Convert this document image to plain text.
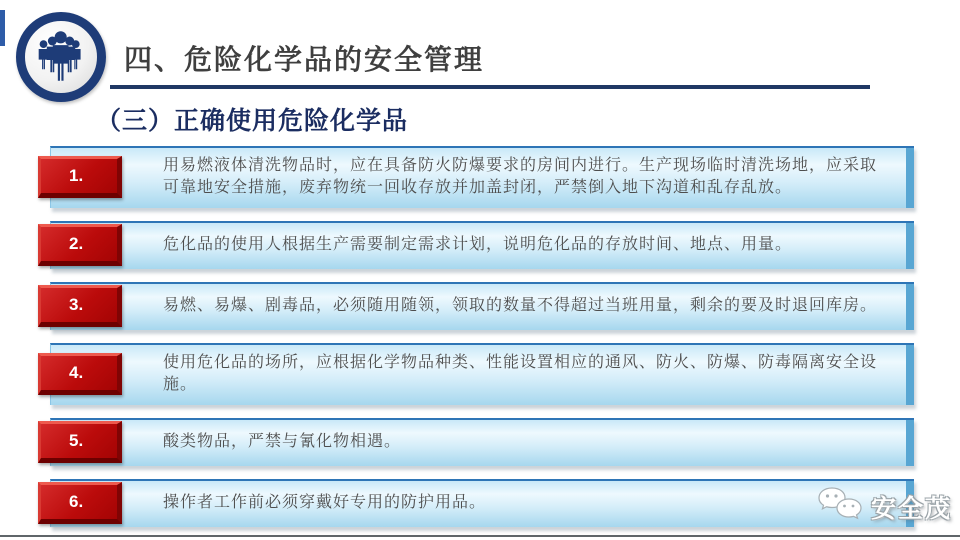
四、危险化学品的安全管理
（三）正确使用危险化学品
用易燃液体清洗物品时，应在具备防火防爆要求的房间内进行。生产现场临时清洗场地，应采取可靠地安全措施，废弃物统一回收存放并加盖封闭，严禁倒入地下沟道和乱存乱放。
1.
危化品的使用人根据生产需要制定需求计划，说明危化品的存放时间、地点、用量。
2.
易燃、易爆、剧毒品，必须随用随领，领取的数量不得超过当班用量，剩余的要及时退回库房。
3.
使用危化品的场所，应根据化学物品种类、性能设置相应的通风、防火、防爆、防毒隔离安全设施。
4.
酸类物品，严禁与氰化物相遇。
5.
操作者工作前必须穿戴好专用的防护用品。
6.	安全茂
